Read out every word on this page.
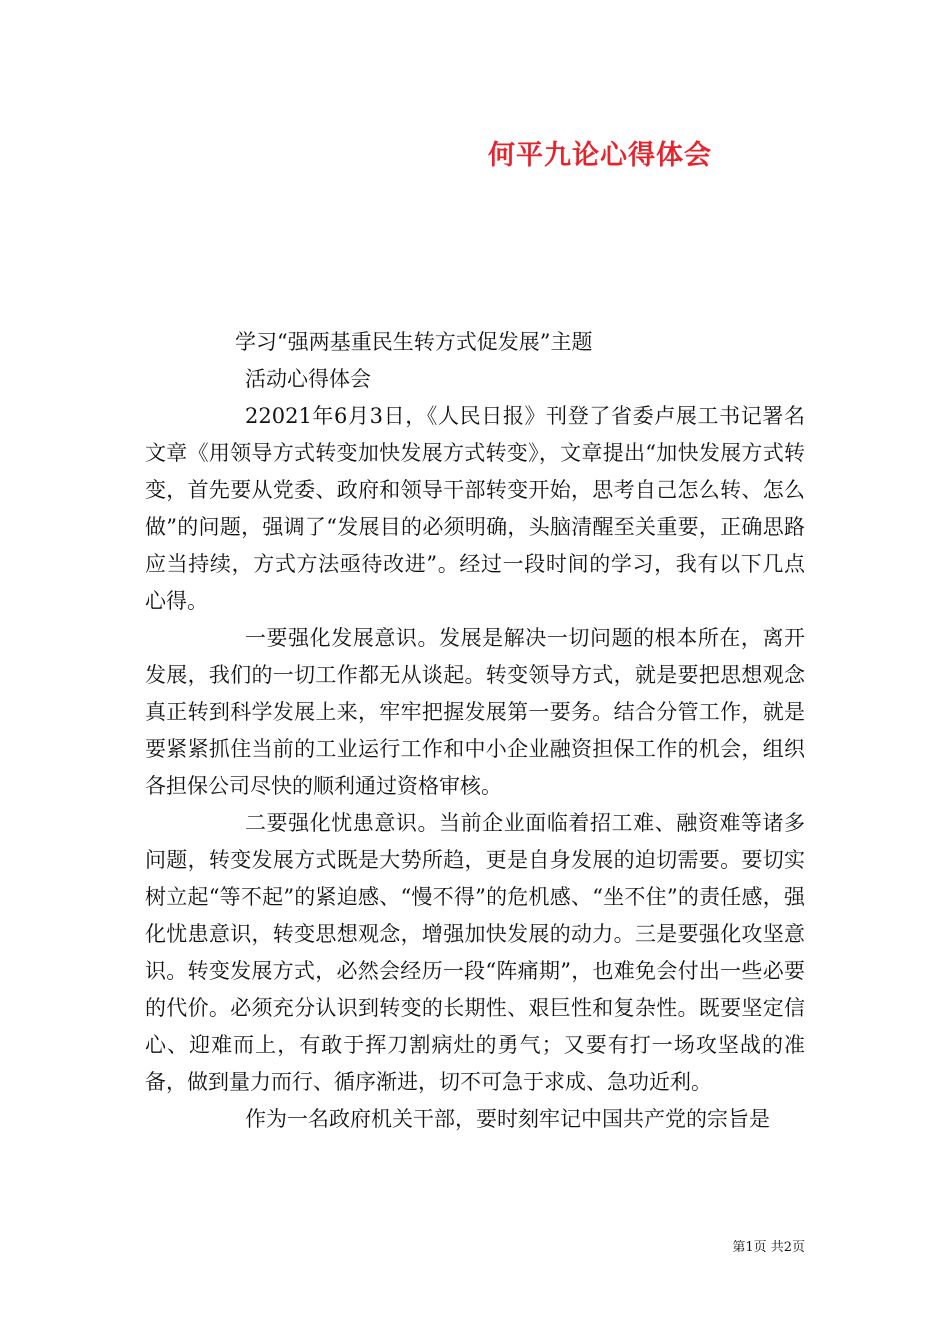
何平九论心得体会
学习“强两基重民生转方式促发展”主题
活动心得体会

22021年6月3日，《人民日报》刊登了省委卢展工书记署名文章《用领导方式转变加快发展方式转变》，文章提出“加快发展方式转变，首先要从党委、政府和领导干部转变开始，思考自己怎么转、怎么做”的问题，强调了“发展目的必须明确，头脑清醒至关重要，正确思路应当持续，方式方法亟待改进”。经过一段时间的学习，我有以下几点心得。

一要强化发展意识。发展是解决一切问题的根本所在，离开发展，我们的一切工作都无从谈起。转变领导方式，就是要把思想观念真正转到科学发展上来，牢牢把握发展第一要务。结合分管工作，就是要紧紧抓住当前的工业运行工作和中小企业融资担保工作的机会，组织各担保公司尽快的顺利通过资格审核。

二要强化忧患意识。当前企业面临着招工难、融资难等诸多问题，转变发展方式既是大势所趋，更是自身发展的迫切需要。要切实树立起“等不起”的紧迫感、“慢不得”的危机感、“坐不住”的责任感，强化忧患意识，转变思想观念，增强加快发展的动力。三是要强化攻坚意识。转变发展方式，必然会经历一段“阵痛期”，也难免会付出一些必要的代价。必须充分认识到转变的长期性、艰巨性和复杂性。既要坚定信心、迎难而上，有敢于挥刀割病灶的勇气；又要有打一场攻坚战的准备，做到量力而行、循序渐进，切不可急于求成、急功近利。

作为一名政府机关干部，要时刻牢记中国共产党的宗旨是

第1页 共2页
